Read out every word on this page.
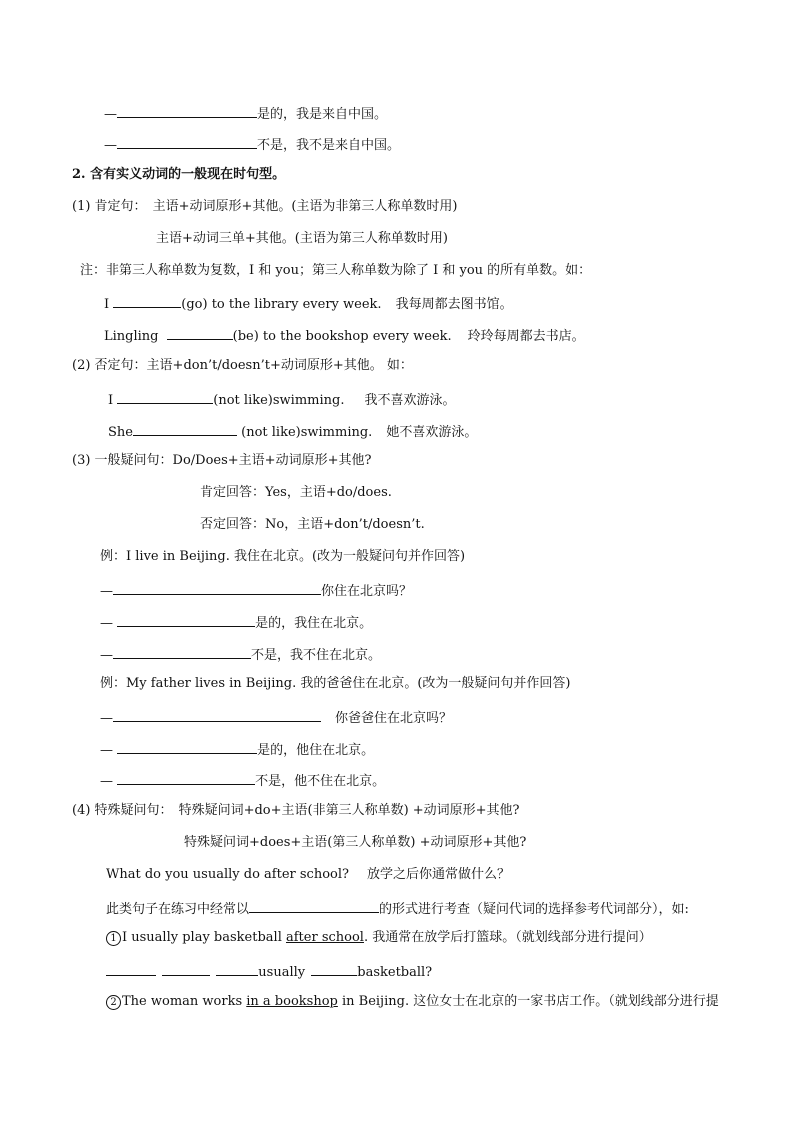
—	是的，我是来自中国。
—	不是，我不是来自中国。
2. 含有实义动词的一般现在时句型。
(1) 肯定句： 主语+动词原形+其他。(主语为非第三人称单数时用)
主语+动词三单+其他。(主语为第三人称单数时用)
注：非第三人称单数为复数，I 和 you；第三人称单数为除了 I 和 you 的所有单数。如：
I	(go) to the library every week. 我每周都去图书馆。
Lingling	(be) to the bookshop every week. 玲玲每周都去书店。
(2) 否定句：主语+don’t/doesn’t+动词原形+其他。 如：
I	(not like)swimming. 我不喜欢游泳。
She	(not like)swimming. 她不喜欢游泳。
(3) 一般疑问句：Do/Does+主语+动词原形+其他?
肯定回答：Yes，主语+do/does.
否定回答：No，主语+don’t/doesn’t.
例：I live in Beijing. 我住在北京。(改为一般疑问句并作回答)
—	你住在北京吗？
—	是的，我住在北京。
—	不是，我不住在北京。
例：My father lives in Beijing. 我的爸爸住在北京。(改为一般疑问句并作回答)
—	你爸爸住在北京吗？
—	是的，他住在北京。
—	不是，他不住在北京。
(4) 特殊疑问句： 特殊疑问词+do+主语(非第三人称单数) +动词原形+其他?
特殊疑问词+does+主语(第三人称单数) +动词原形+其他?
What do you usually do after school? 放学之后你通常做什么？
此类句子在练习中经常以	的形式进行考查（疑问代词的选择参考代词部分），如:
1 I usually play basketball after school. 我通常在放学后打篮球。（就划线部分进行提问）
usually	basketball?
2 The woman works in a bookshop in Beijing. 这位女士在北京的一家书店工作。（就划线部分进行提
